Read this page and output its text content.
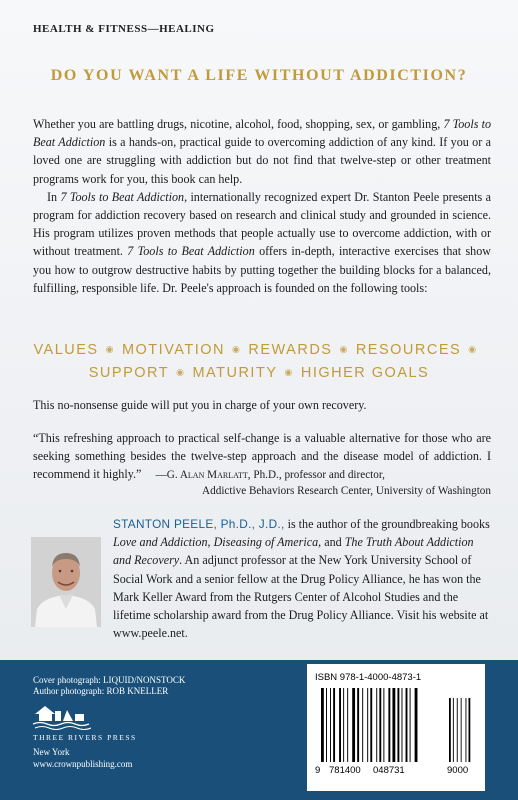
HEALTH & FITNESS—HEALING
DO YOU WANT A LIFE WITHOUT ADDICTION?

Whether you are battling drugs, nicotine, alcohol, food, shopping, sex, or gambling, 7 Tools to Beat Addiction is a hands-on, practical guide to overcoming addiction of any kind. If you or a loved one are struggling with addiction but do not find that twelve-step or other treatment programs work for you, this book can help.

In 7 Tools to Beat Addiction, internationally recognized expert Dr. Stanton Peele presents a program for addiction recovery based on research and clinical study and grounded in science. His program utilizes proven methods that people actually use to overcome addiction, with or without treatment. 7 Tools to Beat Addiction offers in-depth, interactive exercises that show you how to outgrow destructive habits by putting together the building blocks for a balanced, fulfilling, responsible life. Dr. Peele's approach is founded on the following tools:

VALUES ◉ MOTIVATION ◉ REWARDS ◉ RESOURCES ◉
SUPPORT ◉ MATURITY ◉ HIGHER GOALS
This no-nonsense guide will put you in charge of your own recovery.
“This refreshing approach to practical self-change is a valuable alternative for those who are seeking something besides the twelve-step approach and the disease model of addiction. I recommend it highly.” —G. Alan Marlatt, Ph.D., professor and director,
Addictive Behaviors Research Center, University of Washington
STANTON PEELE, Ph.D., J.D., is the author of the groundbreaking books Love and Addiction, Diseasing of America, and The Truth About Addiction and Recovery. An adjunct professor at the New York University School of Social Work and a senior fellow at the Drug Policy Alliance, he has won the Mark Keller Award from the Rutgers Center of Alcohol Studies and the lifetime scholarship award from the Drug Policy Alliance. Visit his website at www.peele.net.
Cover photograph: LIQUID/NONSTOCK
Author photograph: ROB KNELLER
THREE RIVERS PRESS
New York
www.crownpublishing.com
ISBN 978-1-4000-4873-1
9 781400 048731	9000
